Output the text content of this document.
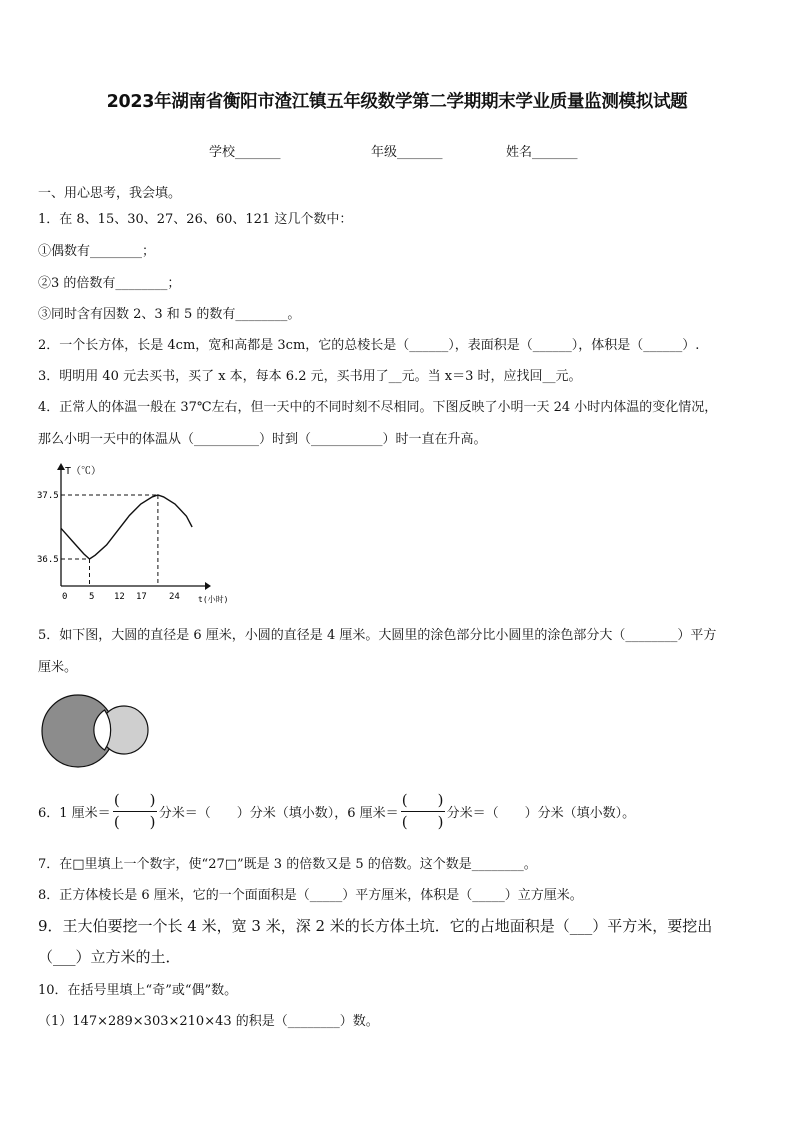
2023年湖南省衡阳市渣江镇五年级数学第二学期期末学业质量监测模拟试题
学校_______	年级_______	姓名_______
一、用心思考，我会填。
1．在 8、15、30、27、26、60、121 这几个数中：
①偶数有________；
②3 的倍数有________；
③同时含有因数 2、3 和 5 的数有________。
2．一个长方体，长是 4cm，宽和高都是 3cm，它的总棱长是（______），表面积是（______），体积是（______）.
3．明明用 40 元去买书，买了 x 本，每本 6.2 元，买书用了__元。当 x＝3 时，应找回__元。
4．正常人的体温一般在 37℃左右，但一天中的不同时刻不尽相同。下图反映了小明一天 24 小时内体温的变化情况，
那么小明一天中的体温从（__________）时到（___________）时一直在升高。
T（℃）
t(小时)
37.5
36.5
0 5 12 17 24
5．如下图，大圆的直径是 6 厘米，小圆的直径是 4 厘米。大圆里的涂色部分比小圆里的涂色部分大（________）平方
厘米。
6．1 厘米＝
(　　)
(　　) 分米＝（　　）分米（填小数），6 厘米＝
(　　)
(　　) 分米＝（　　）分米（填小数）。
7．在□里填上一个数字，使“27□”既是 3 的倍数又是 5 的倍数。这个数是________。
8．正方体棱长是 6 厘米，它的一个面面积是（_____）平方厘米，体积是（_____）立方厘米。
9．王大伯要挖一个长 4 米，宽 3 米，深 2 米的长方体土坑．它的占地面积是（___）平方米，要挖出
（___）立方米的土．
10．在括号里填上“奇”或“偶”数。
（1）147×289×303×210×43 的积是（________）数。
